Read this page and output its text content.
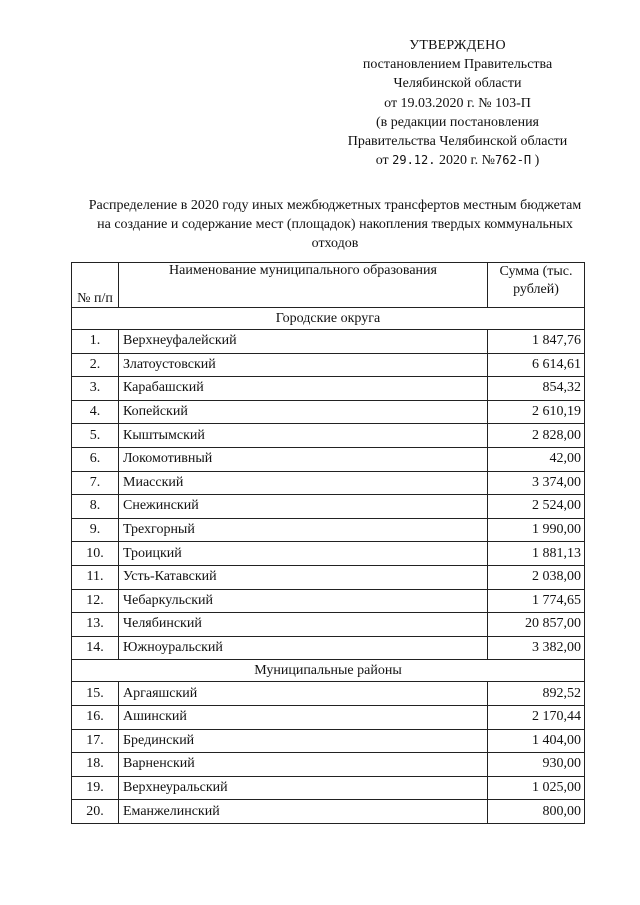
УТВЕРЖДЕНО
постановлением Правительства
Челябинской области
от 19.03.2020 г. № 103-П
(в редакции постановления
Правительства Челябинской области
от 29.12. 2020 г. №762-П )
Распределение в 2020 году иных межбюджетных трансфертов местным бюджетам на создание и содержание мест (площадок) накопления твердых коммунальных отходов
№ п/п	Наименование муниципального образования	Сумма (тыс. рублей)
Городские округа		
1.	Верхнеуфалейский	1 847,76
2.	Златоустовский	6 614,61
3.	Карабашский	854,32
4.	Копейский	2 610,19
5.	Кыштымский	2 828,00
6.	Локомотивный	42,00
7.	Миасский	3 374,00
8.	Снежинский	2 524,00
9.	Трехгорный	1 990,00
10.	Троицкий	1 881,13
11.	Усть-Катавский	2 038,00
12.	Чебаркульский	1 774,65
13.	Челябинский	20 857,00
14.	Южноуральский	3 382,00
Муниципальные районы		
15.	Аргаяшский	892,52
16.	Ашинский	2 170,44
17.	Брединский	1 404,00
18.	Варненский	930,00
19.	Верхнеуральский	1 025,00
20.	Еманжелинский	800,00
